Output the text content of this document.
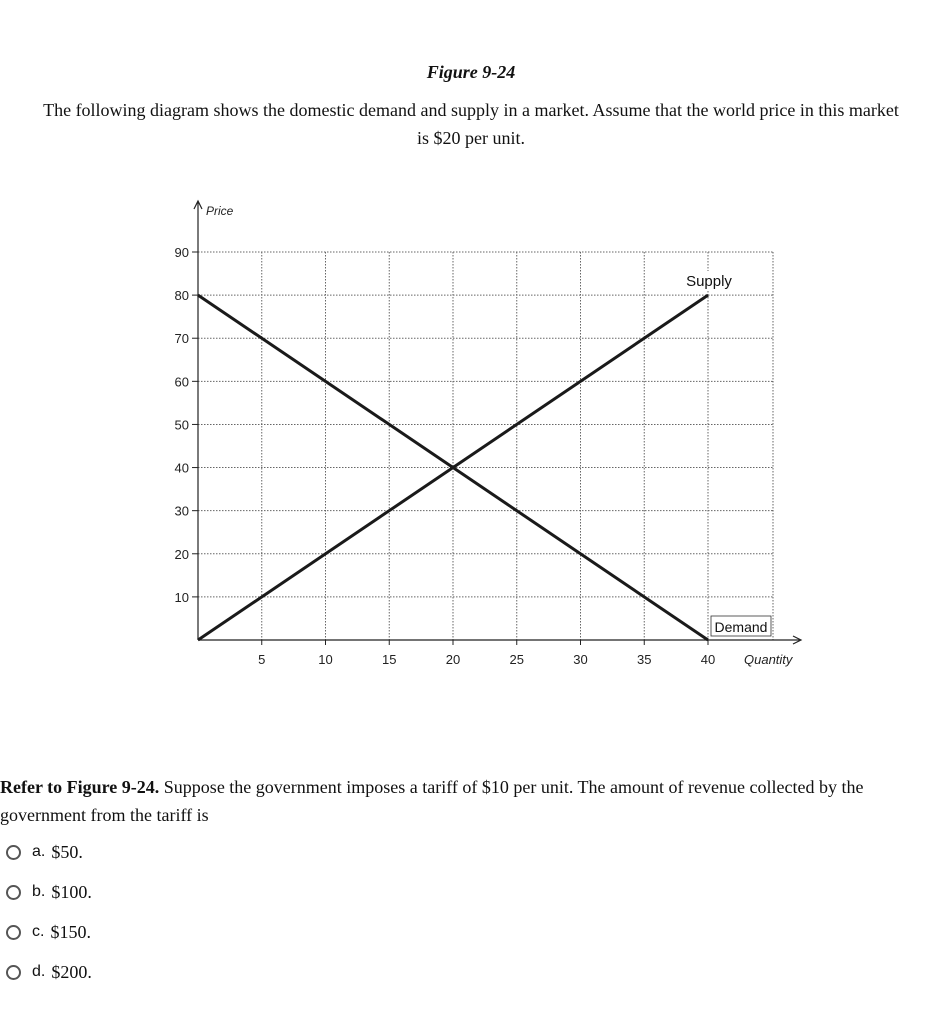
Figure 9-24
The following diagram shows the domestic demand and supply in a market. Assume that the world price in this market
is $20 per unit.
10
20
30
40
50
60
70
80
90
5	10	15	20	25	30	35	40
Price
Quantity
Supply
Demand
Refer to Figure 9-24. Suppose the government imposes a tariff of $10 per unit. The amount of revenue collected by the government from the tariff is
a. $50.
b. $100.
c. $150.
d. $200.
